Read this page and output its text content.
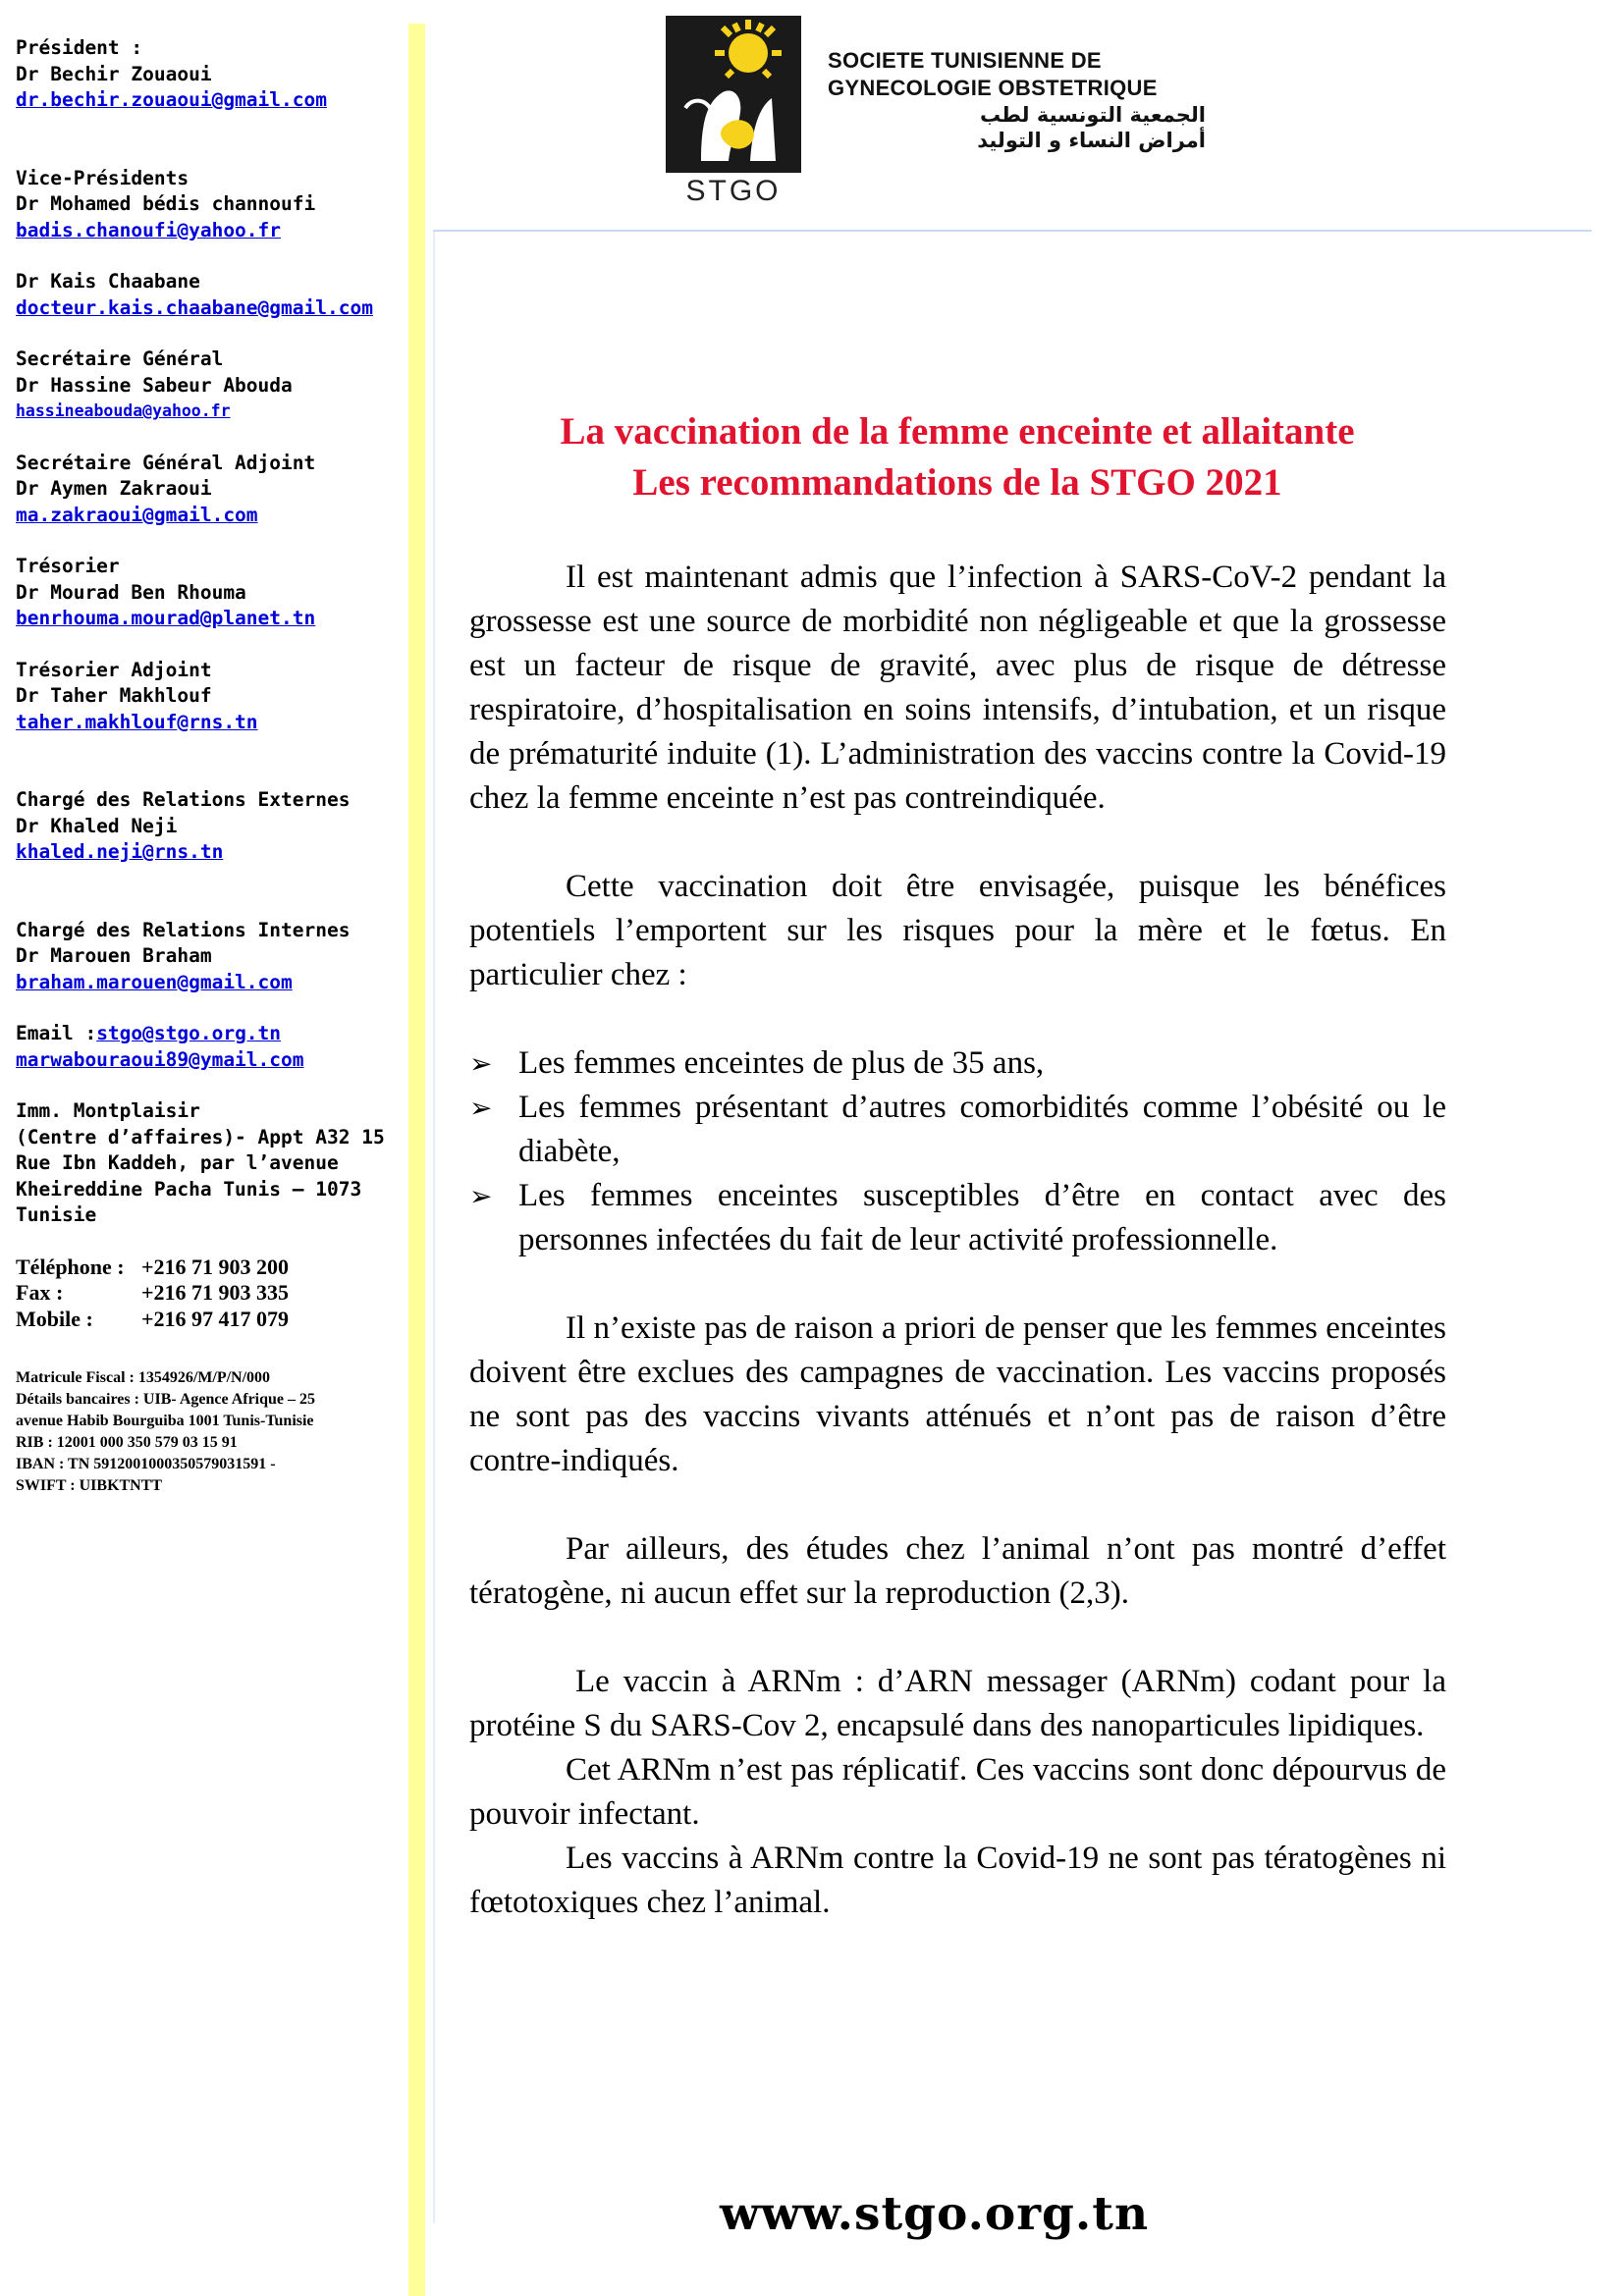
Président :
Dr Bechir Zouaoui
dr.bechir.zouaoui@gmail.com
Vice-Présidents
Dr Mohamed bédis channoufi
badis.chanoufi@yahoo.fr
Dr Kais Chaabane
docteur.kais.chaabane@gmail.com
Secrétaire Général
Dr Hassine Sabeur Abouda
hassineabouda@yahoo.fr
Secrétaire Général Adjoint
Dr Aymen Zakraoui
ma.zakraoui@gmail.com
Trésorier
Dr Mourad Ben Rhouma
benrhouma.mourad@planet.tn
Trésorier Adjoint
Dr Taher Makhlouf
taher.makhlouf@rns.tn
Chargé des Relations Externes
Dr Khaled Neji
khaled.neji@rns.tn
Chargé des Relations Internes
Dr Marouen Braham
braham.marouen@gmail.com
Email :stgo@stgo.org.tn
marwabouraoui89@ymail.com
Imm. Montplaisir
(Centre d’affaires)- Appt A32 15
Rue Ibn Kaddeh, par l’avenue
Kheireddine Pacha Tunis – 1073
Tunisie
Téléphone : +216 71 903 200
Fax :	+216 71 903 335
Mobile : +216 97 417 079
Matricule Fiscal : 1354926/M/P/N/000
Détails bancaires : UIB- Agence Afrique – 25
avenue Habib Bourguiba 1001 Tunis-Tunisie
RIB : 12001 000 350 579 03 15 91
IBAN : TN 5912001000350579031591 -
SWIFT : UIBKTNTT
STGO
SOCIETE TUNISIENNE DE
GYNECOLOGIE OBSTETRIQUE
الجمعية التونسية لطب
أمراض النساء و التوليد
La vaccination de la femme enceinte et allaitante
Les recommandations de la STGO 2021

Il est maintenant admis que l’infection à SARS-CoV-2 pendant la grossesse est une source de morbidité non négligeable et que la grossesse est un facteur de risque de gravité, avec plus de risque de détresse respiratoire, d’hospitalisation en soins intensifs, d’intubation, et un risque de prématurité induite (1). L’administration des vaccins contre la Covid-19 chez la femme enceinte n’est pas contreindiquée.

Cette vaccination doit être envisagée, puisque les bénéfices potentiels l’emportent sur les risques pour la mère et le fœtus. En particulier chez :

➢ Les femmes enceintes de plus de 35 ans,
➢ Les femmes présentant d’autres comorbidités comme l’obésité ou le diabète,
➢ Les femmes enceintes susceptibles d’être en contact avec des personnes infectées du fait de leur activité professionnelle.

Il n’existe pas de raison a priori de penser que les femmes enceintes doivent être exclues des campagnes de vaccination. Les vaccins proposés ne sont pas des vaccins vivants atténués et n’ont pas de raison d’être contre-indiqués.

Par ailleurs, des études chez l’animal n’ont pas montré d’effet tératogène, ni aucun effet sur la reproduction (2,3).

Le vaccin à ARNm : d’ARN messager (ARNm) codant pour la protéine S du SARS-Cov 2, encapsulé dans des nanoparticules lipidiques.

Cet ARNm n’est pas réplicatif. Ces vaccins sont donc dépourvus de pouvoir infectant.

Les vaccins à ARNm contre la Covid-19 ne sont pas tératogènes ni fœtotoxiques chez l’animal.

www.stgo.org.tn
